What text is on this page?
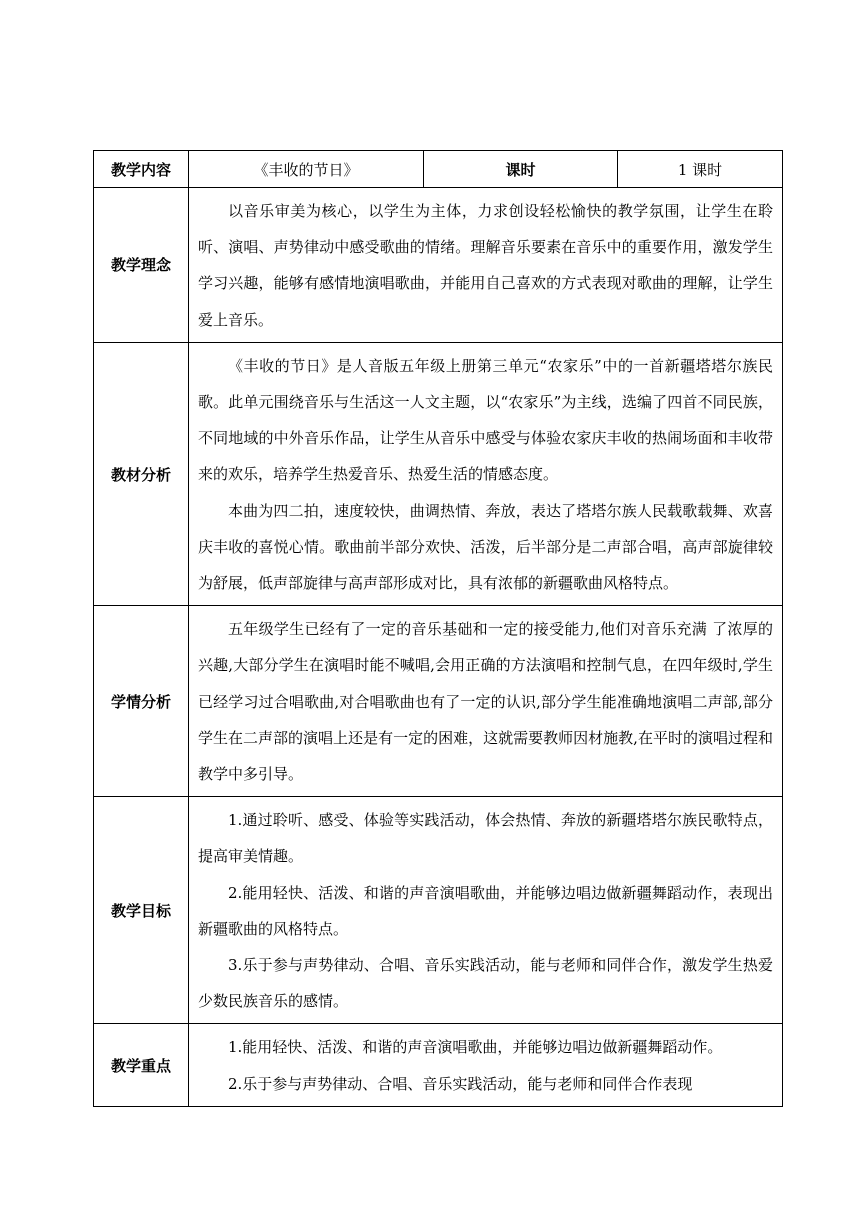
教学内容	《丰收的节日》	课时	1 课时
教学理念	以音乐审美为核心，以学生为主体，力求创设轻松愉快的教学氛围，让学生在聆听、演唱、声势律动中感受歌曲的情绪。理解音乐要素在音乐中的重要作用，激发学生学习兴趣，能够有感情地演唱歌曲，并能用自己喜欢的方式表现对歌曲的理解，让学生爱上音乐。		

教材分析	《丰收的节日》是人音版五年级上册第三单元“农家乐”中的一首新疆塔塔尔族民歌。此单元围绕音乐与生活这一人文主题，以“农家乐”为主线，选编了四首不同民族，不同地域的中外音乐作品，让学生从音乐中感受与体验农家庆丰收的热闹场面和丰收带来的欢乐，培养学生热爱音乐、热爱生活的情感态度。

本曲为四二拍，速度较快，曲调热情、奔放，表达了塔塔尔族人民载歌载舞、欢喜庆丰收的喜悦心情。歌曲前半部分欢快、活泼，后半部分是二声部合唱，高声部旋律较为舒展，低声部旋律与高声部形成对比，具有浓郁的新疆歌曲风格特点。		

学情分析	五年级学生已经有了一定的音乐基础和一定的接受能力,他们对音乐充满 了浓厚的兴趣,大部分学生在演唱时能不喊唱,会用正确的方法演唱和控制气息，在四年级时,学生已经学习过合唱歌曲,对合唱歌曲也有了一定的认识,部分学生能准确地演唱二声部,部分学生在二声部的演唱上还是有一定的困难，这就需要教师因材施教,在平时的演唱过程和教学中多引导。		

教学目标	1.通过聆听、感受、体验等实践活动，体会热情、奔放的新疆塔塔尔族民歌特点，提高审美情趣。

2.能用轻快、活泼、和谐的声音演唱歌曲，并能够边唱边做新疆舞蹈动作，表现出新疆歌曲的风格特点。

3.乐于参与声势律动、合唱、音乐实践活动，能与老师和同伴合作，激发学生热爱少数民族音乐的感情。		

教学重点	1.能用轻快、活泼、和谐的声音演唱歌曲，并能够边唱边做新疆舞蹈动作。

2.乐于参与声势律动、合唱、音乐实践活动，能与老师和同伴合作表现		
